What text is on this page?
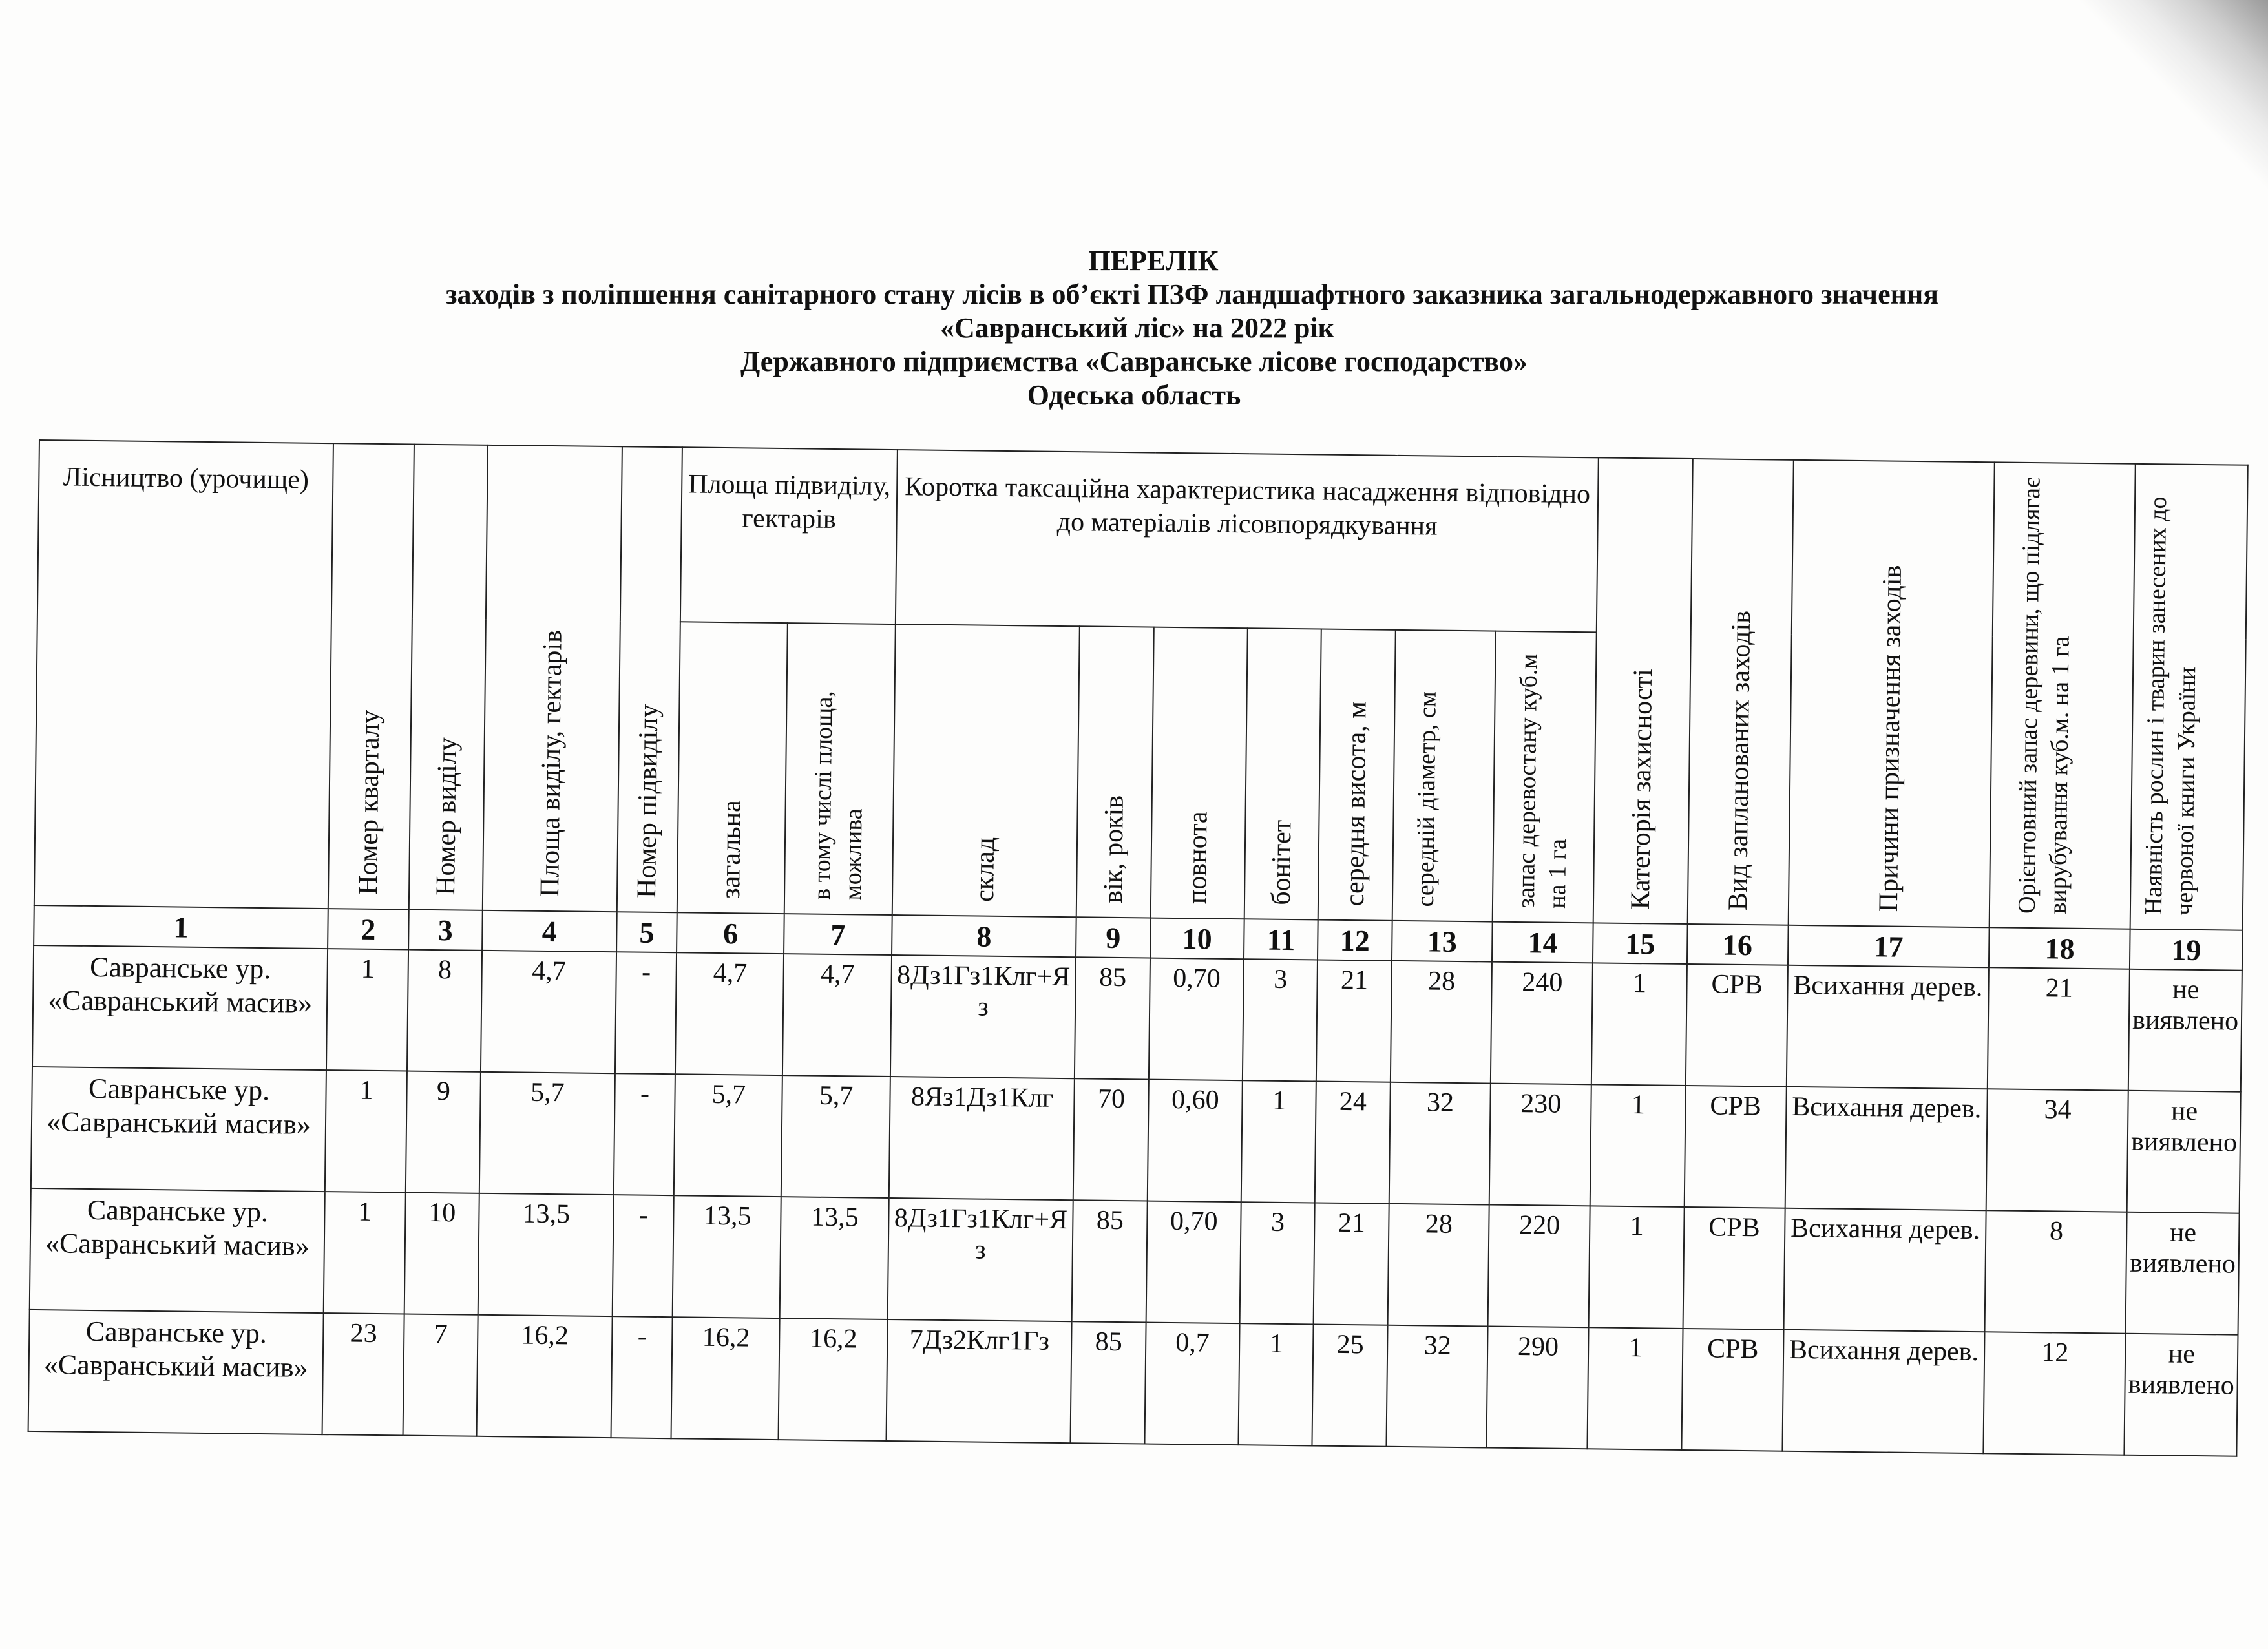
ПЕРЕЛІК
заходів з поліпшення санітарного стану лісів в об’єкті ПЗФ ландшафтного заказника загальнодержавного значення
«Савранський ліс» на 2022 рік
Державного підприємства «Савранське лісове господарство»
Одеська область
Лісництво (урочище)	Номер кварталу	Номер виділу	Площа виділу, гектарів	Номер підвиділу	Площа підвиділу, гектарів		Коротка таксаційна характеристика насадження відповідно до матеріалів лісовпорядкування							Категорія захисності	Вид запланованих заходів	Причини призначення заходів	Орієнтовний запас деревини, що підлягає вирубування куб.м. на 1 га	Наявність рослин і тварин занесених до червоної книги України
					загальна	в тому числі площа, можлива	склад	вік, років	повнота	бонітет	середня висота, м	середній діаметр, см	запас деревостану куб.м на 1 га					
1	2	3	4	5	6	7	8	9	10	11	12	13	14	15	16	17	18	19
Савранське ур. «Савранський масив»	1	8	4,7	-	4,7	4,7	8Дз1Гз1Клг+Яз	85	0,70	3	21	28	240	1	СРВ	Всихання дерев.	21	не виявлено
Савранське ур. «Савранський масив»	1	9	5,7	-	5,7	5,7	8Яз1Дз1Клг	70	0,60	1	24	32	230	1	СРВ	Всихання дерев.	34	не виявлено
Савранське ур. «Савранський масив»	1	10	13,5	-	13,5	13,5	8Дз1Гз1Клг+Яз	85	0,70	3	21	28	220	1	СРВ	Всихання дерев.	8	не виявлено
Савранське ур. «Савранський масив»	23	7	16,2	-	16,2	16,2	7Дз2Клг1Гз	85	0,7	1	25	32	290	1	СРВ	Всихання дерев.	12	не виявлено
